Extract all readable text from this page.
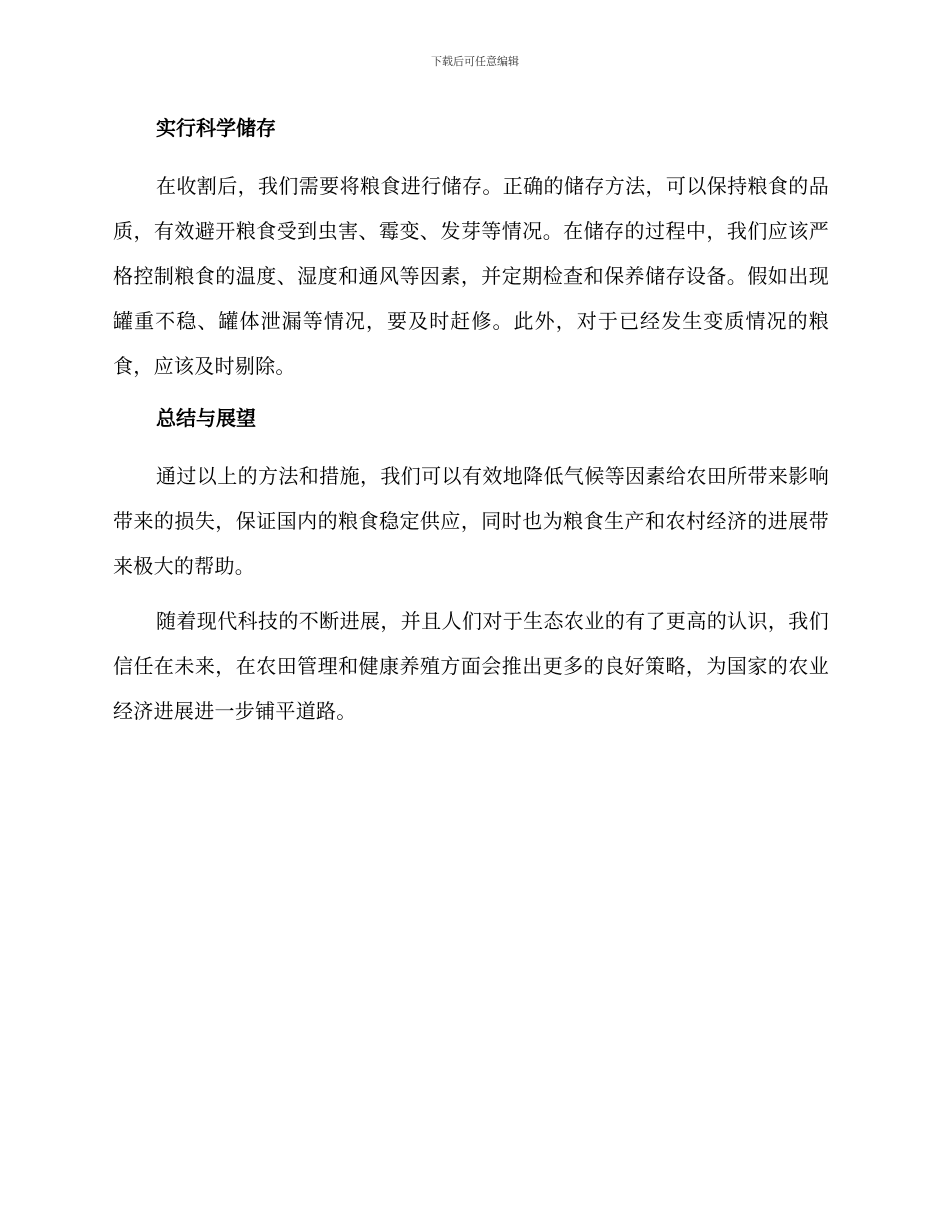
下载后可任意编辑
实行科学储存

在收割后，我们需要将粮食进行储存。正确的储存方法，可以保持粮食的品质，有效避开粮食受到虫害、霉变、发芽等情况。在储存的过程中，我们应该严格控制粮食的温度、湿度和通风等因素，并定期检查和保养储存设备。假如出现罐重不稳、罐体泄漏等情况，要及时赶修。此外，对于已经发生变质情况的粮食，应该及时剔除。

总结与展望

通过以上的方法和措施，我们可以有效地降低气候等因素给农田所带来影响带来的损失，保证国内的粮食稳定供应，同时也为粮食生产和农村经济的进展带来极大的帮助。

随着现代科技的不断进展，并且人们对于生态农业的有了更高的认识，我们信任在未来，在农田管理和健康养殖方面会推出更多的良好策略，为国家的农业经济进展进一步铺平道路。
